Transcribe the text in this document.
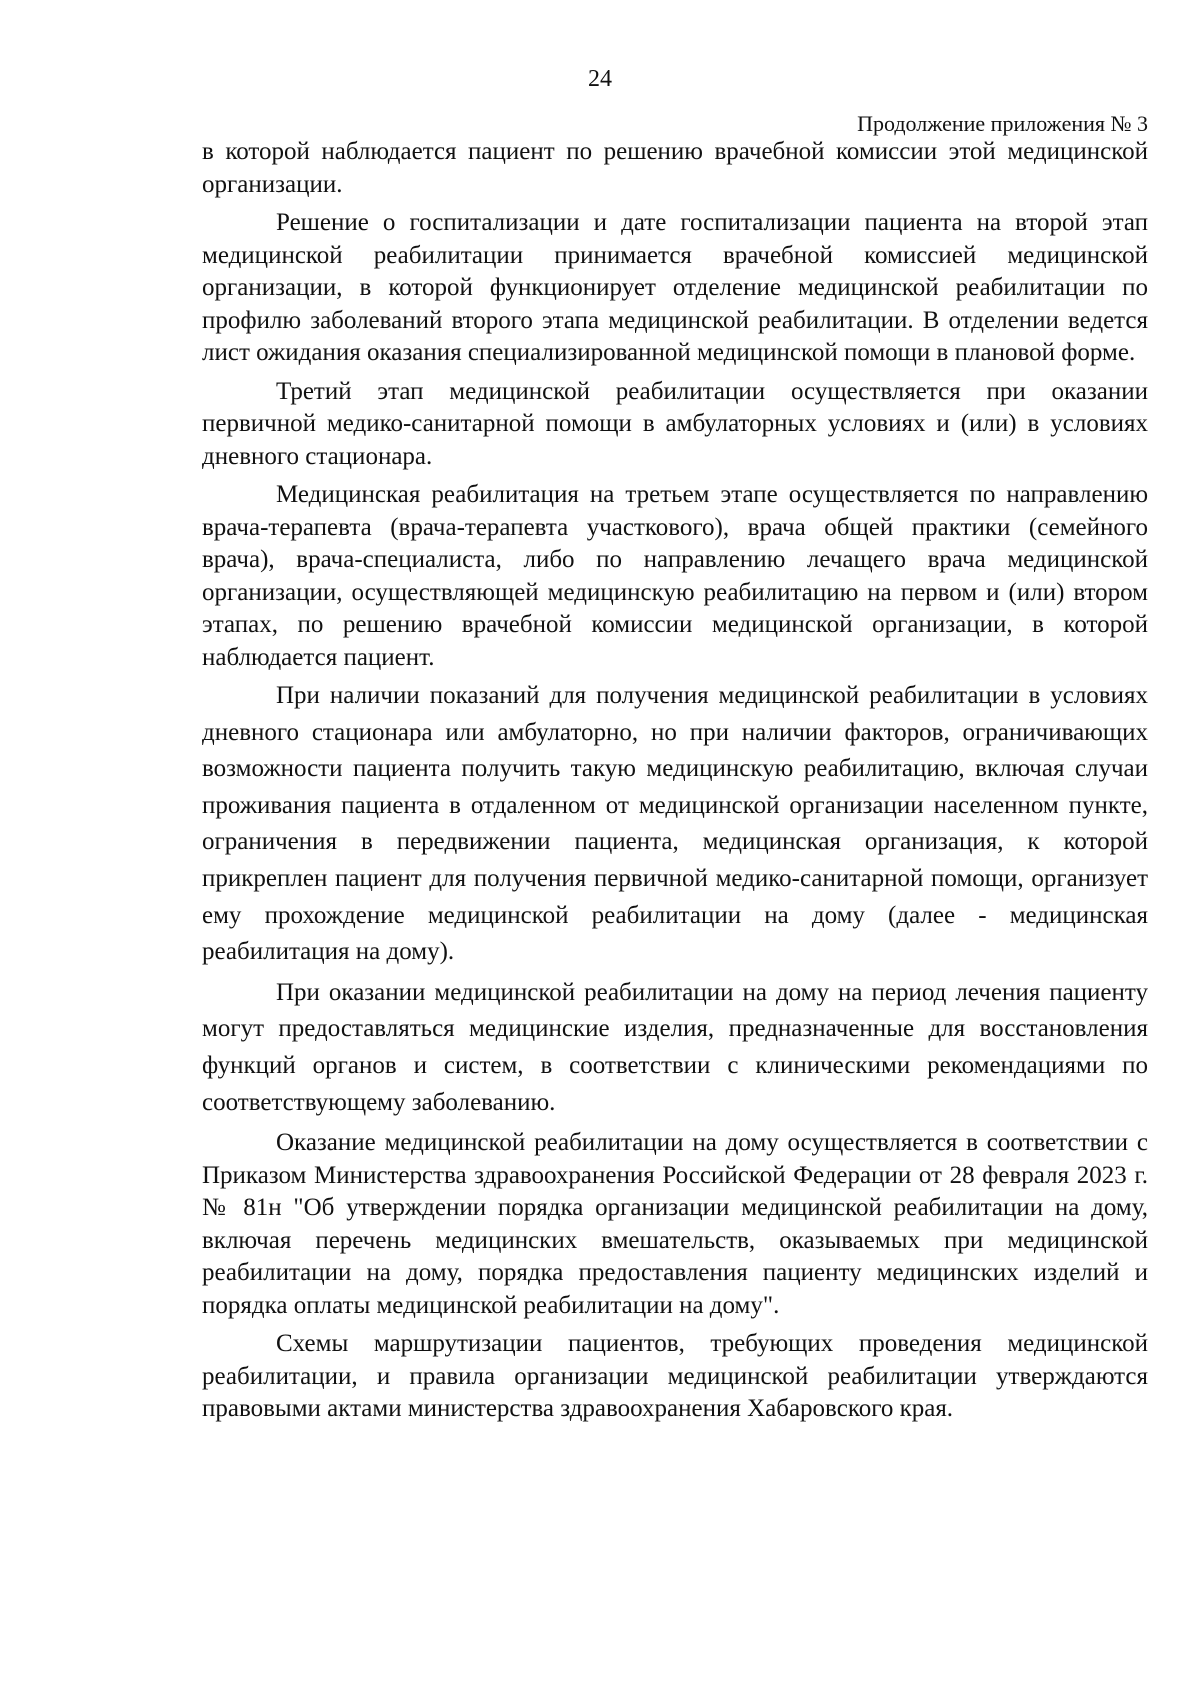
24
Продолжение приложения № 3

в которой наблюдается пациент по решению врачебной комиссии этой медицинской организации.

Решение о госпитализации и дате госпитализации пациента на второй этап медицинской реабилитации принимается врачебной комиссией медицинской организации, в которой функционирует отделение медицинской реабилитации по профилю заболеваний второго этапа медицинской реабилитации. В отделении ведется лист ожидания оказания специализированной медицинской помощи в плановой форме.

Третий этап медицинской реабилитации осуществляется при оказании первичной медико-санитарной помощи в амбулаторных условиях и (или) в условиях дневного стационара.

Медицинская реабилитация на третьем этапе осуществляется по направлению врача-терапевта (врача-терапевта участкового), врача общей практики (семейного врача), врача-специалиста, либо по направлению лечащего врача медицинской организации, осуществляющей медицинскую реабилитацию на первом и (или) втором этапах, по решению врачебной комиссии медицинской организации, в которой наблюдается пациент.

При наличии показаний для получения медицинской реабилитации в условиях дневного стационара или амбулаторно, но при наличии факторов, ограничивающих возможности пациента получить такую медицинскую реабилитацию, включая случаи проживания пациента в отдаленном от медицинской организации населенном пункте, ограничения в передвижении пациента, медицинская организация, к которой прикреплен пациент для получения первичной медико-санитарной помощи, организует ему прохождение медицинской реабилитации на дому (далее - медицинская реабилитация на дому).

При оказании медицинской реабилитации на дому на период лечения пациенту могут предоставляться медицинские изделия, предназначенные для восстановления функций органов и систем, в соответствии с клиническими рекомендациями по соответствующему заболеванию.

Оказание медицинской реабилитации на дому осуществляется в соответствии с Приказом Министерства здравоохранения Российской Федерации от 28 февраля 2023 г. № 81н "Об утверждении порядка организации медицинской реабилитации на дому, включая перечень медицинских вмешательств, оказываемых при медицинской реабилитации на дому, порядка предоставления пациенту медицинских изделий и порядка оплаты медицинской реабилитации на дому".

Схемы маршрутизации пациентов, требующих проведения медицинской реабилитации, и правила организации медицинской реабилитации утверждаются правовыми актами министерства здравоохранения Хабаровского края.
